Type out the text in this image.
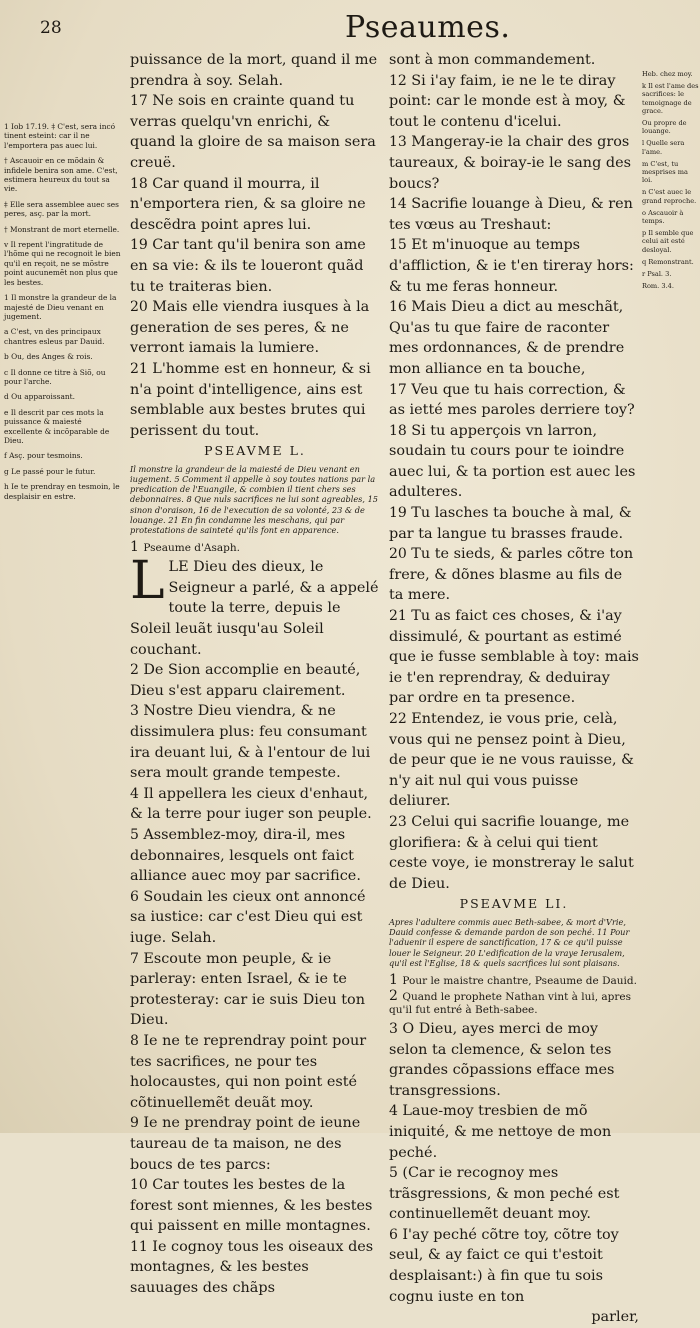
28	Pseaumes.

1 Iob 17.19. ‡ C'est, sera incó tinent esteint: car il ne l'emportera pas auec lui.

† Ascauoir en ce mõdain & infidele benira son ame. C'est, estimera heureux du tout sa vie.

‡ Elle sera assemblee auec ses peres, asç. par la mort.

† Monstrant de mort eternelle.

v Il repent l'ingratitude de l'hõme qui ne recognoit le bien qu'il en reçoit, ne se mõstre point aucunemẽt non plus que les bestes.

1 Il monstre la grandeur de la majesté de Dieu venant en jugement.

a C'est, vn des principaux chantres esleus par Dauid.

b Ou, des Anges & rois.

c Il donne ce titre à Siõ, ou pour l'arche.

d Ou apparoissant.

e Il descrit par ces mots la puissance & maiesté excellente & incõparable de Dieu.

f Asç. pour tesmoins.

g Le passé pour le futur.

h Ie te prendray en tesmoin, le desplaisir en estre.

puissance de la mort, quand il me prendra à soy. Selah.

17 Ne sois en crainte quand tu verras quelqu'vn enrichi, & quand la gloire de sa maison sera creuë.

18 Car quand il mourra, il n'emportera rien, & sa gloire ne descẽdra point apres lui.

19 Car tant qu'il benira son ame en sa vie: & ils te loueront quãd tu te traiteras bien.

20 Mais elle viendra iusques à la generation de ses peres, & ne verront iamais la lumiere.

21 L'homme est en honneur, & si n'a point d'intelligence, ains est semblable aux bestes brutes qui perissent du tout.

PSEAVME L.

Il monstre la grandeur de la maiesté de Dieu venant en iugement. 5 Comment il appelle à soy toutes nations par la predication de l'Euangile, & combien il tient chers ses debonnaires. 8 Que nuls sacrifices ne lui sont agreables, 15 sinon d'oraison, 16 de l'execution de sa volonté, 23 & de louange. 21 En fin condamne les meschans, qui par protestations de sainteté qu'ils font en apparence.

1 Pseaume d'Asaph.

LLE Dieu des dieux, le Seigneur a parlé, & a appelé toute la terre, depuis le Soleil leuãt iusqu'au Soleil couchant.

2 De Sion accomplie en beauté, Dieu s'est apparu clairement.

3 Nostre Dieu viendra, & ne dissimulera plus: feu consumant ira deuant lui, & à l'entour de lui sera moult grande tempeste.

4 Il appellera les cieux d'enhaut, & la terre pour iuger son peuple.

5 Assemblez-moy, dira-il, mes debonnaires, lesquels ont faict alliance auec moy par sacrifice.

6 Soudain les cieux ont annoncé sa iustice: car c'est Dieu qui est iuge. Selah.

7 Escoute mon peuple, & ie parleray: enten Israel, & ie te protesteray: car ie suis Dieu ton Dieu.

8 Ie ne te reprendray point pour tes sacrifices, ne pour tes holocaustes, qui non point esté cõtinuellemẽt deuãt moy.

9 Ie ne prendray point de ieune taureau de ta maison, ne des boucs de tes parcs:

10 Car toutes les bestes de la forest sont miennes, & les bestes qui paissent en mille montagnes.

11 Ie cognoy tous les oiseaux des montagnes, & les bestes sauuages des chãps

sont à mon commandement.

12 Si i'ay faim, ie ne le te diray point: car le monde est à moy, & tout le contenu d'icelui.

13 Mangeray-ie la chair des gros taureaux, & boiray-ie le sang des boucs?

14 Sacrifie louange à Dieu, & ren tes vœus au Treshaut:

15 Et m'inuoque au temps d'affliction, & ie t'en tireray hors: & tu me feras honneur.

16 Mais Dieu a dict au meschãt, Qu'as tu que faire de raconter mes ordonnances, & de prendre mon alliance en ta bouche,

17 Veu que tu hais correction, & as ietté mes paroles derriere toy?

18 Si tu apperçois vn larron, soudain tu cours pour te ioindre auec lui, & ta portion est auec les adulteres.

19 Tu lasches ta bouche à mal, & par ta langue tu brasses fraude.

20 Tu te sieds, & parles cõtre ton frere, & dõnes blasme au fils de ta mere.

21 Tu as faict ces choses, & i'ay dissimulé, & pourtant as estimé que ie fusse semblable à toy: mais ie t'en reprendray, & deduiray par ordre en ta presence.

22 Entendez, ie vous prie, celà, vous qui ne pensez point à Dieu, de peur que ie ne vous rauisse, & n'y ait nul qui vous puisse deliurer.

23 Celui qui sacrifie louange, me glorifiera: & à celui qui tient ceste voye, ie monstreray le salut de Dieu.

PSEAVME LI.

Apres l'adultere commis auec Beth-sabee, & mort d'Vrie, Dauid confesse & demande pardon de son peché. 11 Pour l'aduenir il espere de sanctification, 17 & ce qu'il puisse louer le Seigneur. 20 L'edification de la vraye Ierusalem, qu'il est l'Eglise, 18 & quels sacrifices lui sont plaisans.

1 Pour le maistre chantre, Pseaume de Dauid.

2 Quand le prophete Nathan vint à lui, apres qu'il fut entré à Beth-sabee.

3 O Dieu, ayes merci de moy selon ta clemence, & selon tes grandes cõpassions efface mes transgressions.

4 Laue-moy tresbien de mõ iniquité, & me nettoye de mon peché.

5 (Car ie recognoy mes trãsgressions, & mon peché est continuellemẽt deuant moy.

6 I'ay peché cõtre toy, cõtre toy seul, & ay faict ce qui t'estoit desplaisant:) à fin que tu sois cognu iuste en ton

parler,

Heb. chez moy.

k Il est l'ame des sacrifices: le temoignage de grace.

Ou propre de louange.

l Quelle sera l'ame.

m C'est, tu mesprises ma loi.

n C'est auec le grand reproche.

o Ascauoir à temps.

p Il semble que celui ait esté desloyal.

q Remonstrant.

r Psal. 3.

Rom. 3.4.
